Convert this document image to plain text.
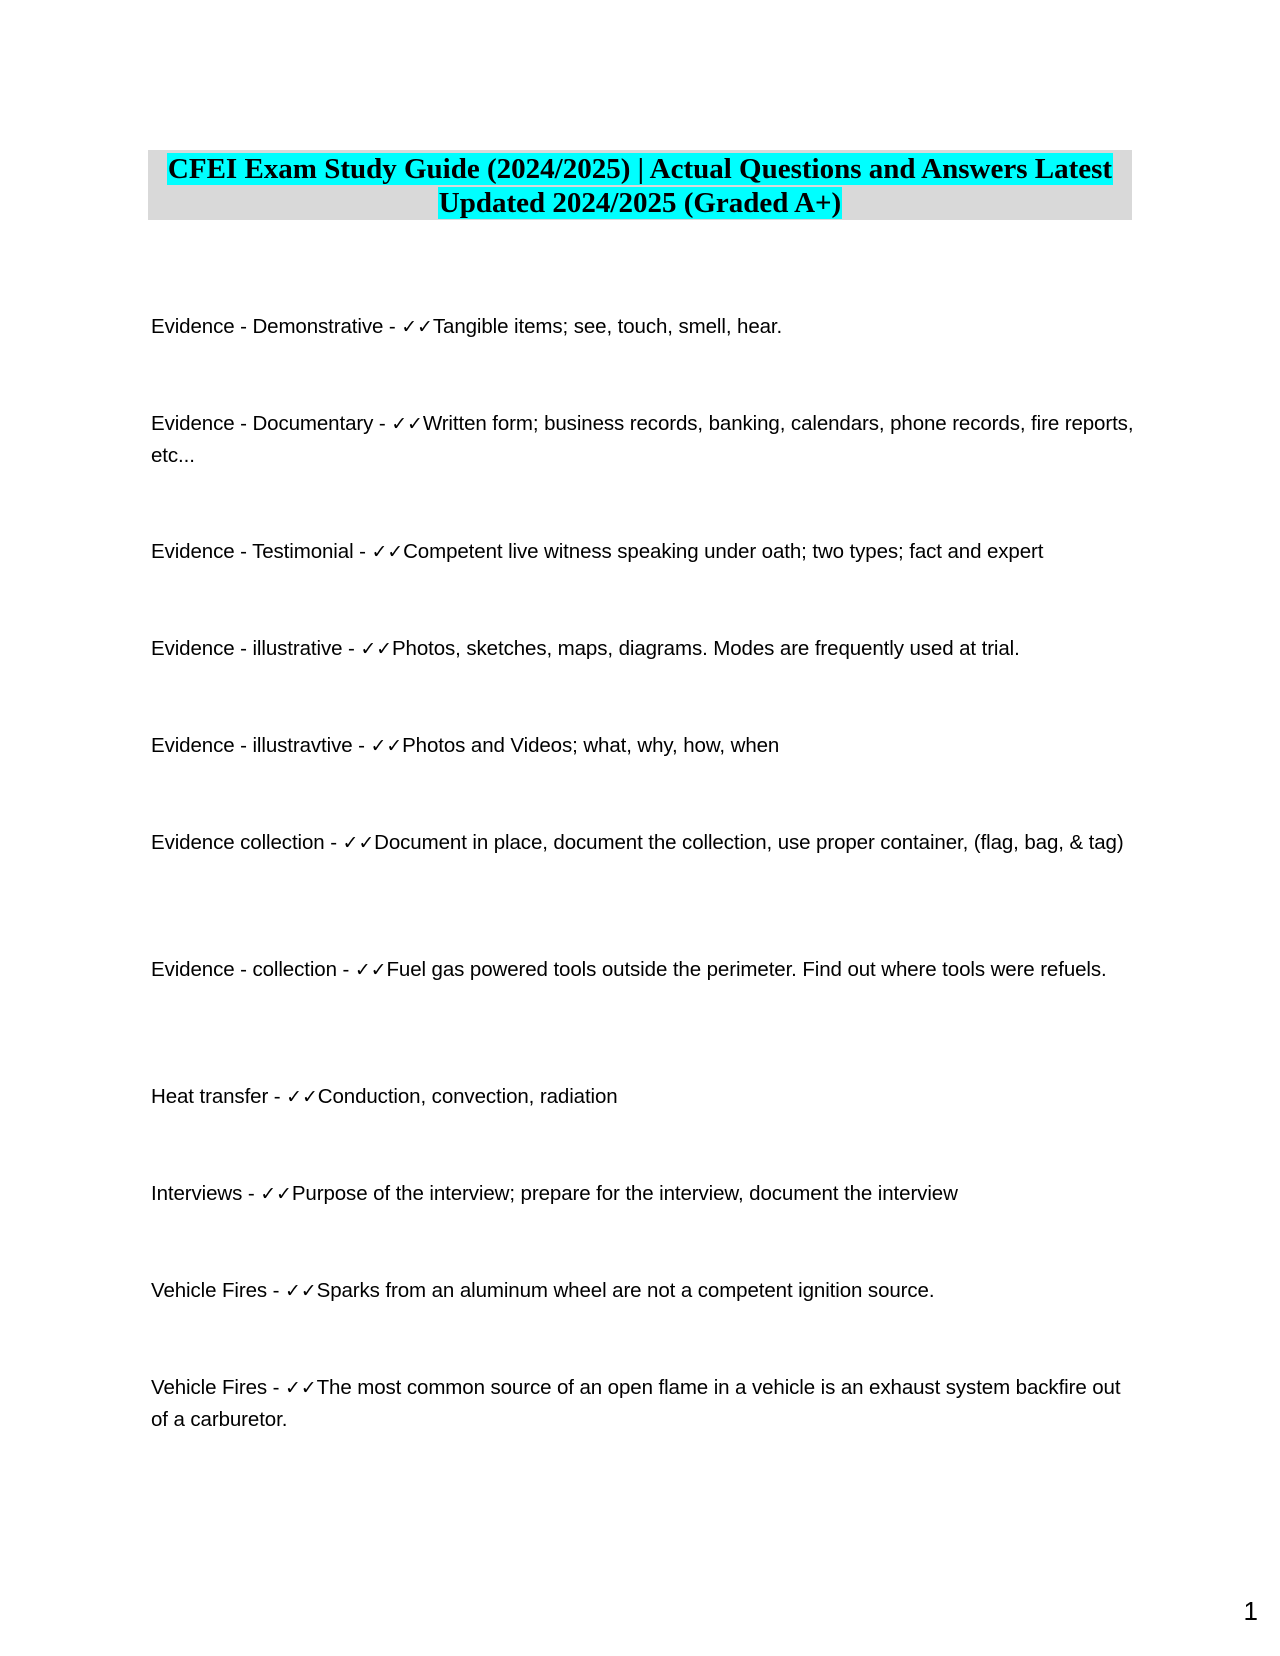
CFEI Exam Study Guide (2024/2025) | Actual Questions and Answers Latest
Updated 2024/2025 (Graded A+)
Evidence - Demonstrative - ✓✓Tangible items; see, touch, smell, hear.
Evidence - Documentary - ✓✓Written form; business records, banking, calendars, phone records, fire reports, etc...
Evidence - Testimonial - ✓✓Competent live witness speaking under oath; two types; fact and expert
Evidence - illustrative - ✓✓Photos, sketches, maps, diagrams. Modes are frequently used at trial.
Evidence - illustravtive - ✓✓Photos and Videos; what, why, how, when
Evidence collection - ✓✓Document in place, document the collection, use proper container, (flag, bag, & tag)
Evidence - collection - ✓✓Fuel gas powered tools outside the perimeter. Find out where tools were refuels.
Heat transfer - ✓✓Conduction, convection, radiation
Interviews - ✓✓Purpose of the interview; prepare for the interview, document the interview
Vehicle Fires - ✓✓Sparks from an aluminum wheel are not a competent ignition source.
Vehicle Fires - ✓✓The most common source of an open flame in a vehicle is an exhaust system backfire out of a carburetor.
1
